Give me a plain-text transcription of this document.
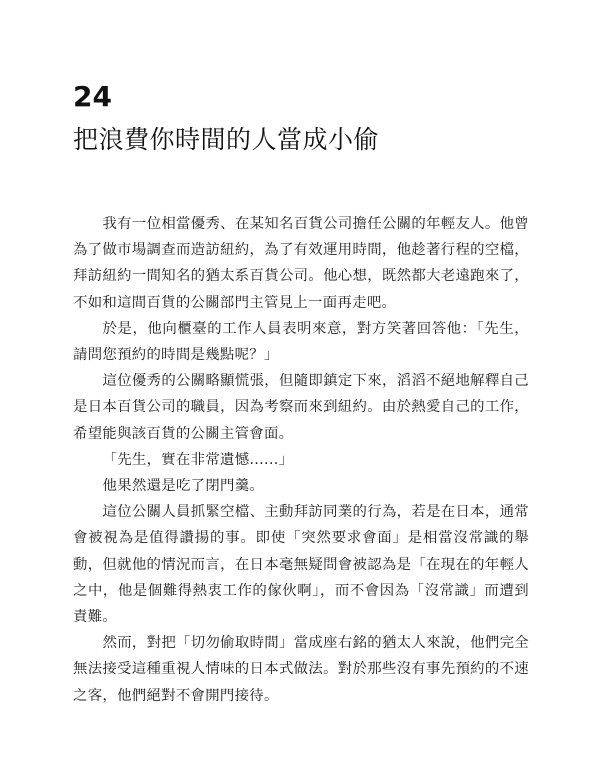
24
把浪費你時間的人當成小偷

我有一位相當優秀、在某知名百貨公司擔任公關的年輕友人。他曾為了做市場調查而造訪紐約，為了有效運用時間，他趁著行程的空檔，拜訪紐約一間知名的猶太系百貨公司。他心想，既然都大老遠跑來了，不如和這間百貨的公關部門主管見上一面再走吧。

於是，他向櫃臺的工作人員表明來意，對方笑著回答他：「先生，請問您預約的時間是幾點呢？」

這位優秀的公關略顯慌張，但隨即鎮定下來，滔滔不絕地解釋自己是日本百貨公司的職員，因為考察而來到紐約。由於熱愛自己的工作，希望能與該百貨的公關主管會面。

「先生，實在非常遺憾......」

他果然還是吃了閉門羹。

這位公關人員抓緊空檔、主動拜訪同業的行為，若是在日本，通常會被視為是值得讚揚的事。即使「突然要求會面」是相當沒常識的舉動，但就他的情況而言，在日本毫無疑問會被認為是「在現在的年輕人之中，他是個難得熱衷工作的傢伙啊」，而不會因為「沒常識」而遭到責難。

然而，對把「切勿偷取時間」當成座右銘的猶太人來說，他們完全無法接受這種重視人情味的日本式做法。對於那些沒有事先預約的不速之客，他們絕對不會開門接待。
